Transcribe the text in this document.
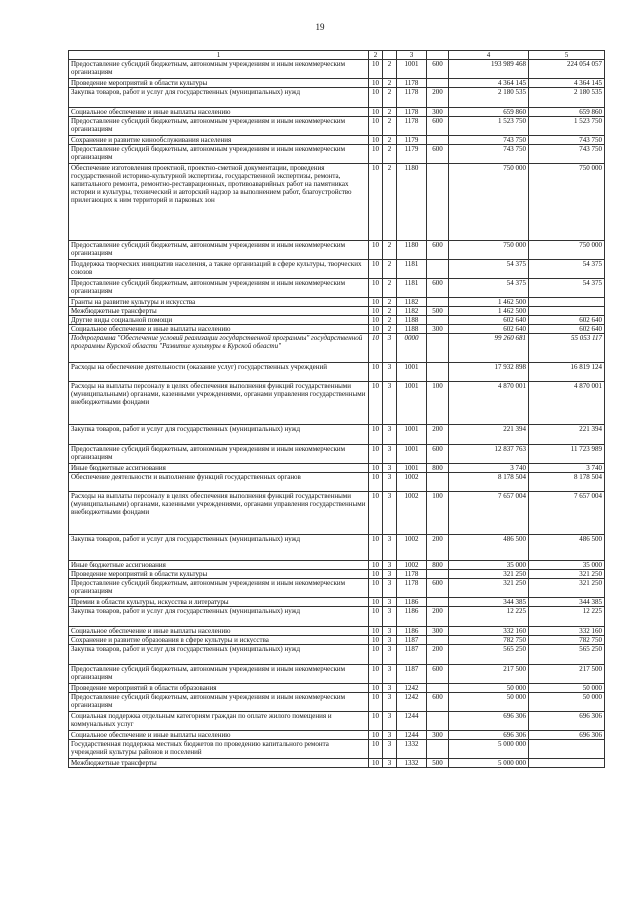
19
1	2		3		4	5
Предоставление субсидий бюджетным, автономным учреждениям и иным некоммерческим организациям	10	2	1001	600	193 989 468	224 054 057
Проведение мероприятий в области культуры	10	2	1178		4 364 145	4 364 145
Закупка товаров, работ и услуг для государственных (муниципальных) нужд	10	2	1178	200	2 180 535	2 180 535
Социальное обеспечение и иные выплаты населению	10	2	1178	300	659 860	659 860
Предоставление субсидий бюджетным, автономным учреждениям и иным некоммерческим организациям	10	2	1178	600	1 523 750	1 523 750
Сохранение и развитие кинообслуживания населения	10	2	1179		743 750	743 750
Предоставление субсидий бюджетным, автономным учреждениям и иным некоммерческим организациям	10	2	1179	600	743 750	743 750
Обеспечение изготовления проектной, проектно-сметной документации, проведения государственной историко-культурной экспертизы, государственной экспертизы, ремонта, капитального ремонта, ремонтно-реставрационных, противоаварийных работ на памятниках истории и культуры, технический и авторский надзор за выполнением работ, благоустройство прилегающих к ним территорий и парковых зон	10	2	1180		750 000	750 000
Предоставление субсидий бюджетным, автономным учреждениям и иным некоммерческим организациям	10	2	1180	600	750 000	750 000
Поддержка творческих инициатив населения, а также организаций в сфере культуры, творческих союзов	10	2	1181		54 375	54 375
Предоставление субсидий бюджетным, автономным учреждениям и иным некоммерческим организациям	10	2	1181	600	54 375	54 375
Гранты на развитие культуры и искусства	10	2	1182		1 462 500	
Межбюджетные трансферты	10	2	1182	500	1 462 500	
Другие виды социальной помощи	10	2	1188		602 640	602 640
Социальное обеспечение и иные выплаты населению	10	2	1188	300	602 640	602 640
Подпрограмма "Обеспечение условий реализации государственной программы" государственной программы Курской области "Развитие культуры в Курской области"	10	3	0000		99 260 681	55 053 117
Расходы на обеспечение деятельности (оказание услуг) государственных учреждений	10	3	1001		17 932 898	16 819 124
Расходы на выплаты персоналу в целях обеспечения выполнения функций государственными (муниципальными) органами, казенными учреждениями, органами управления государственными внебюджетными фондами	10	3	1001	100	4 870 001	4 870 001
Закупка товаров, работ и услуг для государственных (муниципальных) нужд	10	3	1001	200	221 394	221 394
Предоставление субсидий бюджетным, автономным учреждениям и иным некоммерческим организациям	10	3	1001	600	12 837 763	11 723 989
Иные бюджетные ассигнования	10	3	1001	800	3 740	3 740
Обеспечение деятельности и выполнение функций государственных органов	10	3	1002		8 178 504	8 178 504
Расходы на выплаты персоналу в целях обеспечения выполнения функций государственными (муниципальными) органами, казенными учреждениями, органами управления государственными внебюджетными фондами	10	3	1002	100	7 657 004	7 657 004
Закупка товаров, работ и услуг для государственных (муниципальных) нужд	10	3	1002	200	486 500	486 500
Иные бюджетные ассигнования	10	3	1002	800	35 000	35 000
Проведение мероприятий в области культуры	10	3	1178		321 250	321 250
Предоставление субсидий бюджетным, автономным учреждениям и иным некоммерческим организациям	10	3	1178	600	321 250	321 250
Премии в области культуры, искусства и литературы	10	3	1186		344 385	344 385
Закупка товаров, работ и услуг для государственных (муниципальных) нужд	10	3	1186	200	12 225	12 225
Социальное обеспечение и иные выплаты населению	10	3	1186	300	332 160	332 160
Сохранение и развитие образования в сфере культуры и искусства	10	3	1187		782 750	782 750
Закупка товаров, работ и услуг для государственных (муниципальных) нужд	10	3	1187	200	565 250	565 250
Предоставление субсидий бюджетным, автономным учреждениям и иным некоммерческим организациям	10	3	1187	600	217 500	217 500
Проведение мероприятий в области образования	10	3	1242		50 000	50 000
Предоставление субсидий бюджетным, автономным учреждениям и иным некоммерческим организациям	10	3	1242	600	50 000	50 000
Социальная поддержка отдельным категориям граждан по оплате жилого помещения и коммунальных услуг	10	3	1244		696 306	696 306
Социальное обеспечение и иные выплаты населению	10	3	1244	300	696 306	696 306
Государственная поддержка местных бюджетов по проведению капитального ремонта учреждений культуры районов и поселений	10	3	1332		5 000 000	
Межбюджетные трансферты	10	3	1332	500	5 000 000	
